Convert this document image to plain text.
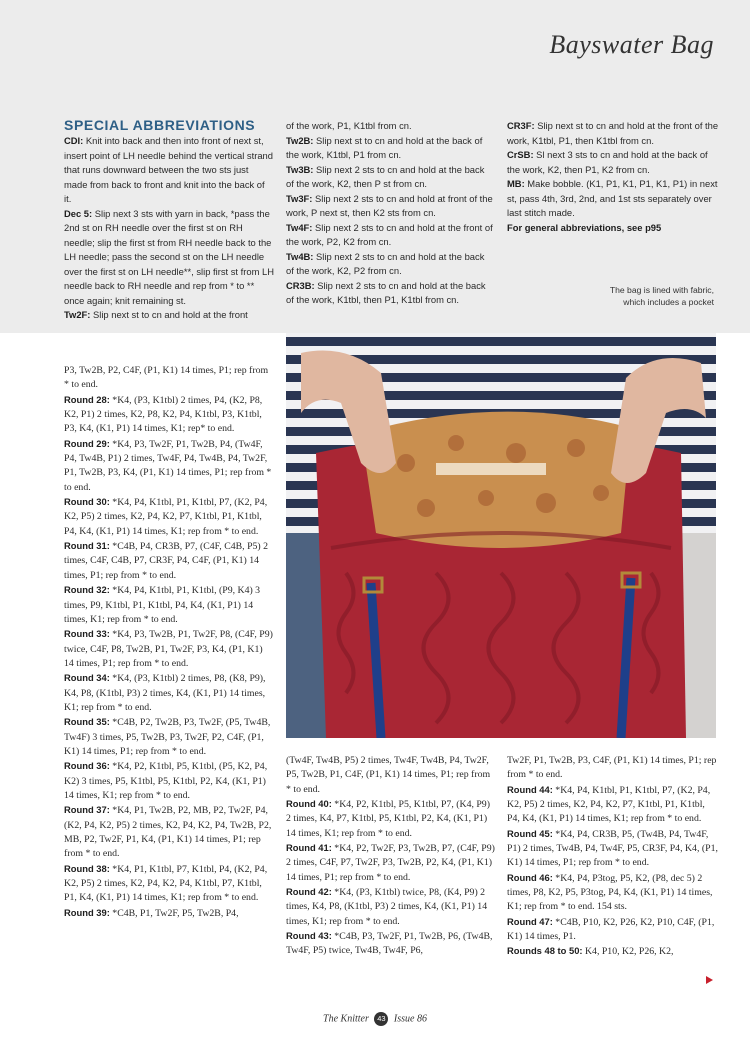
Bayswater Bag
SPECIAL ABBREVIATIONS

CDI: Knit into back and then into front of next st, insert point of LH needle behind the vertical strand that runs downward between the two sts just made from back to front and knit into the back of it.

Dec 5: Slip next 3 sts with yarn in back, *pass the 2nd st on RH needle over the first st on RH needle; slip the first st from RH needle back to the LH needle; pass the second st on the LH needle over the first st on LH needle**, slip first st from LH needle back to RH needle and rep from * to ** once again; knit remaining st.

Tw2F: Slip next st to cn and hold at the front

of the work, P1, K1tbl from cn.

Tw2B: Slip next st to cn and hold at the back of the work, K1tbl, P1 from cn.

Tw3B: Slip next 2 sts to cn and hold at the back of the work, K2, then P st from cn.

Tw3F: Slip next 2 sts to cn and hold at front of the work, P next st, then K2 sts from cn.

Tw4F: Slip next 2 sts to cn and hold at the front of the work, P2, K2 from cn.

Tw4B: Slip next 2 sts to cn and hold at the back of the work, K2, P2 from cn.

CR3B: Slip next 2 sts to cn and hold at the back of the work, K1tbl, then P1, K1tbl from cn.

CR3F: Slip next st to cn and hold at the front of the work, K1tbl, P1, then K1tbl from cn.

CrSB: Sl next 3 sts to cn and hold at the back of the work, K2, then P1, K2 from cn.

MB: Make bobble. (K1, P1, K1, P1, K1, P1) in next st, pass 4th, 3rd, 2nd, and 1st sts separately over last stitch made.

For general abbreviations, see p95

The bag is lined with fabric, which includes a pocket

P3, Tw2B, P2, C4F, (P1, K1) 14 times, P1; rep from * to end.

Round 28: *K4, (P3, K1tbl) 2 times, P4, (K2, P8, K2, P1) 2 times, K2, P8, K2, P4, K1tbl, P3, K1tbl, P3, K4, (K1, P1) 14 times, K1; rep* to end.

Round 29: *K4, P3, Tw2F, P1, Tw2B, P4, (Tw4F, P4, Tw4B, P1) 2 times, Tw4F, P4, Tw4B, P4, Tw2F, P1, Tw2B, P3, K4, (P1, K1) 14 times, P1; rep from * to end.

Round 30: *K4, P4, K1tbl, P1, K1tbl, P7, (K2, P4, K2, P5) 2 times, K2, P4, K2, P7, K1tbl, P1, K1tbl, P4, K4, (K1, P1) 14 times, K1; rep from * to end.

Round 31: *C4B, P4, CR3B, P7, (C4F, C4B, P5) 2 times, C4F, C4B, P7, CR3F, P4, C4F, (P1, K1) 14 times, P1; rep from * to end.

Round 32: *K4, P4, K1tbl, P1, K1tbl, (P9, K4) 3 times, P9, K1tbl, P1, K1tbl, P4, K4, (K1, P1) 14 times, K1; rep from * to end.

Round 33: *K4, P3, Tw2B, P1, Tw2F, P8, (C4F, P9) twice, C4F, P8, Tw2B, P1, Tw2F, P3, K4, (P1, K1) 14 times, P1; rep from * to end.

Round 34: *K4, (P3, K1tbl) 2 times, P8, (K8, P9), K4, P8, (K1tbl, P3) 2 times, K4, (K1, P1) 14 times, K1; rep from * to end.

Round 35: *C4B, P2, Tw2B, P3, Tw2F, (P5, Tw4B, Tw4F) 3 times, P5, Tw2B, P3, Tw2F, P2, C4F, (P1, K1) 14 times, P1; rep from * to end.

Round 36: *K4, P2, K1tbl, P5, K1tbl, (P5, K2, P4, K2) 3 times, P5, K1tbl, P5, K1tbl, P2, K4, (K1, P1) 14 times, K1; rep from * to end.

Round 37: *K4, P1, Tw2B, P2, MB, P2, Tw2F, P4, (K2, P4, K2, P5) 2 times, K2, P4, K2, P4, Tw2B, P2, MB, P2, Tw2F, P1, K4, (P1, K1) 14 times, P1; rep from * to end.

Round 38: *K4, P1, K1tbl, P7, K1tbl, P4, (K2, P4, K2, P5) 2 times, K2, P4, K2, P4, K1tbl, P7, K1tbl, P1, K4, (K1, P1) 14 times, K1; rep from * to end.

Round 39: *C4B, P1, Tw2F, P5, Tw2B, P4,

(Tw4F, Tw4B, P5) 2 times, Tw4F, Tw4B, P4, Tw2F, P5, Tw2B, P1, C4F, (P1, K1) 14 times, P1; rep from * to end.

Round 40: *K4, P2, K1tbl, P5, K1tbl, P7, (K4, P9) 2 times, K4, P7, K1tbl, P5, K1tbl, P2, K4, (K1, P1) 14 times, K1; rep from * to end.

Round 41: *K4, P2, Tw2F, P3, Tw2B, P7, (C4F, P9) 2 times, C4F, P7, Tw2F, P3, Tw2B, P2, K4, (P1, K1) 14 times, P1; rep from * to end.

Round 42: *K4, (P3, K1tbl) twice, P8, (K4, P9) 2 times, K4, P8, (K1tbl, P3) 2 times, K4, (K1, P1) 14 times, K1; rep from * to end.

Round 43: *C4B, P3, Tw2F, P1, Tw2B, P6, (Tw4B, Tw4F, P5) twice, Tw4B, Tw4F, P6,

Tw2F, P1, Tw2B, P3, C4F, (P1, K1) 14 times, P1; rep from * to end.

Round 44: *K4, P4, K1tbl, P1, K1tbl, P7, (K2, P4, K2, P5) 2 times, K2, P4, K2, P7, K1tbl, P1, K1tbl, P4, K4, (K1, P1) 14 times, K1; rep from * to end.

Round 45: *K4, P4, CR3B, P5, (Tw4B, P4, Tw4F, P1) 2 times, Tw4B, P4, Tw4F, P5, CR3F, P4, K4, (P1, K1) 14 times, P1; rep from * to end.

Round 46: *K4, P4, P3tog, P5, K2, (P8, dec 5) 2 times, P8, K2, P5, P3tog, P4, K4, (K1, P1) 14 times, K1; rep from * to end. 154 sts.

Round 47: *C4B, P10, K2, P26, K2, P10, C4F, (P1, K1) 14 times, P1.

Rounds 48 to 50: K4, P10, K2, P26, K2,

The Knitter 43 Issue 86
